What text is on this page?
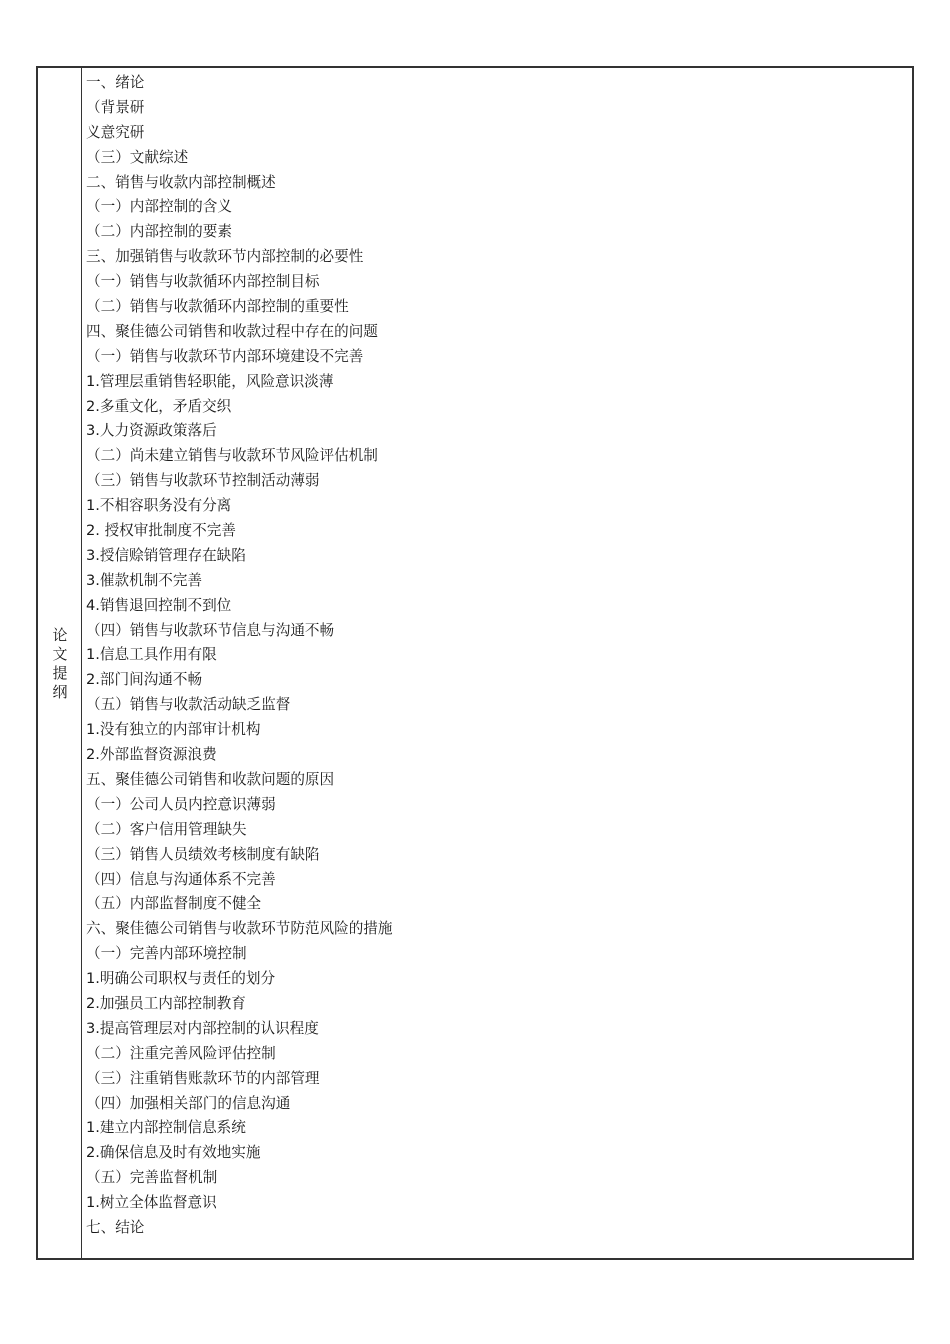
论
文
提
纲
一、绪论
（背景研
义意究研
（三）文献综述
二、销售与收款内部控制概述
（一）内部控制的含义
（二）内部控制的要素
三、加强销售与收款环节内部控制的必要性
（一）销售与收款循环内部控制目标
（二）销售与收款循环内部控制的重要性
四、聚佳德公司销售和收款过程中存在的问题
（一）销售与收款环节内部环境建设不完善
1.管理层重销售轻职能，风险意识淡薄
2.多重文化，矛盾交织
3.人力资源政策落后
（二）尚未建立销售与收款环节风险评估机制
（三）销售与收款环节控制活动薄弱
1.不相容职务没有分离
2. 授权审批制度不完善
3.授信赊销管理存在缺陷
3.催款机制不完善
4.销售退回控制不到位
（四）销售与收款环节信息与沟通不畅
1.信息工具作用有限
2.部门间沟通不畅
（五）销售与收款活动缺乏监督
1.没有独立的内部审计机构
2.外部监督资源浪费
五、聚佳德公司销售和收款问题的原因
（一）公司人员内控意识薄弱
（二）客户信用管理缺失
（三）销售人员绩效考核制度有缺陷
（四）信息与沟通体系不完善
（五）内部监督制度不健全
六、聚佳德公司销售与收款环节防范风险的措施
（一）完善内部环境控制
1.明确公司职权与责任的划分
2.加强员工内部控制教育
3.提高管理层对内部控制的认识程度
（二）注重完善风险评估控制
（三）注重销售账款环节的内部管理
（四）加强相关部门的信息沟通
1.建立内部控制信息系统
2.确保信息及时有效地实施
（五）完善监督机制
1.树立全体监督意识
七、结论
